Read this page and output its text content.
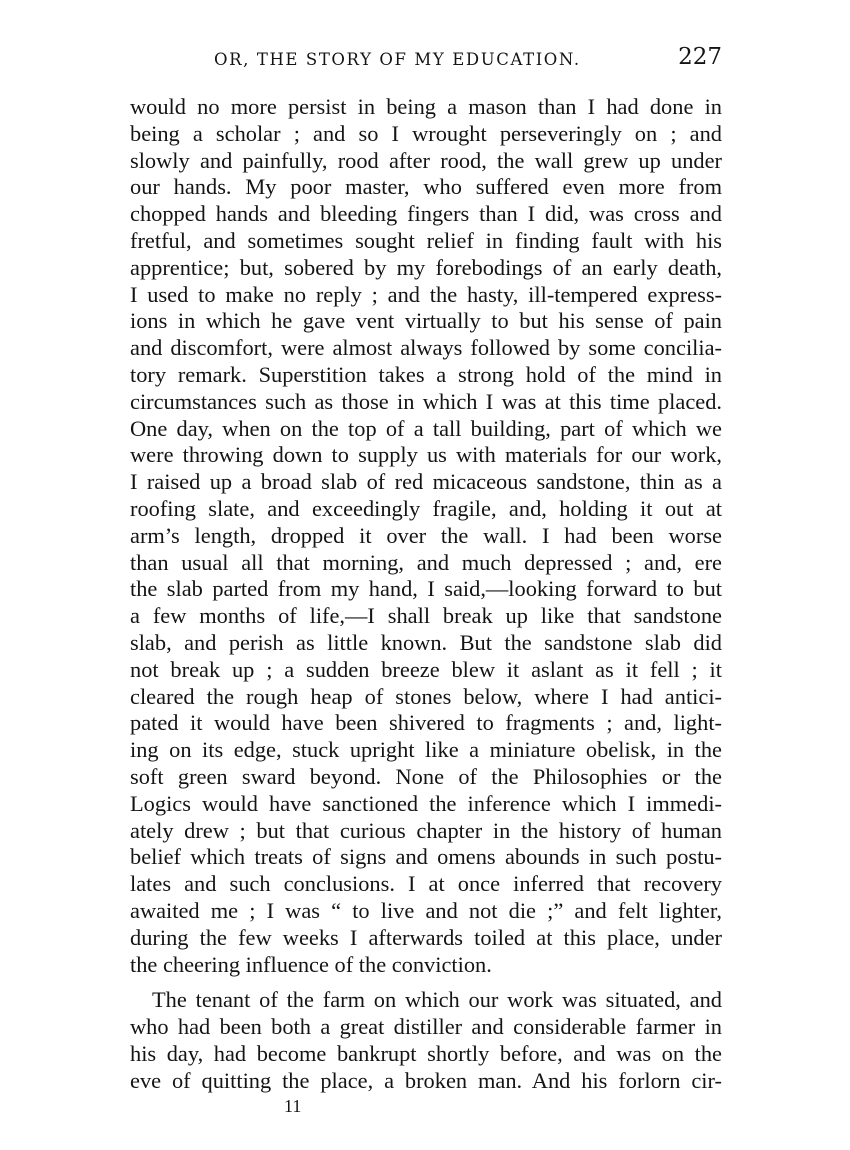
OR, THE STORY OF MY EDUCATION.	227
would no more persist in being a mason than I had done in
being a scholar ; and so I wrought perseveringly on ; and
slowly and painfully, rood after rood, the wall grew up under
our hands. My poor master, who suffered even more from
chopped hands and bleeding fingers than I did, was cross and
fretful, and sometimes sought relief in finding fault with his
apprentice; but, sobered by my forebodings of an early death,
I used to make no reply ; and the hasty, ill-tempered express-
ions in which he gave vent virtually to but his sense of pain
and discomfort, were almost always followed by some concilia-
tory remark. Superstition takes a strong hold of the mind in
circumstances such as those in which I was at this time placed.
One day, when on the top of a tall building, part of which we
were throwing down to supply us with materials for our work,
I raised up a broad slab of red micaceous sandstone, thin as a
roofing slate, and exceedingly fragile, and, holding it out at
arm’s length, dropped it over the wall. I had been worse
than usual all that morning, and much depressed ; and, ere
the slab parted from my hand, I said,—looking forward to but
a few months of life,—I shall break up like that sandstone
slab, and perish as little known. But the sandstone slab did
not break up ; a sudden breeze blew it aslant as it fell ; it
cleared the rough heap of stones below, where I had antici-
pated it would have been shivered to fragments ; and, light-
ing on its edge, stuck upright like a miniature obelisk, in the
soft green sward beyond. None of the Philosophies or the
Logics would have sanctioned the inference which I immedi-
ately drew ; but that curious chapter in the history of human
belief which treats of signs and omens abounds in such postu-
lates and such conclusions. I at once inferred that recovery
awaited me ; I was “ to live and not die ;” and felt lighter,
during the few weeks I afterwards toiled at this place, under
the cheering influence of the conviction.
The tenant of the farm on which our work was situated, and
who had been both a great distiller and considerable farmer in
his day, had become bankrupt shortly before, and was on the
eve of quitting the place, a broken man. And his forlorn cir-
11
